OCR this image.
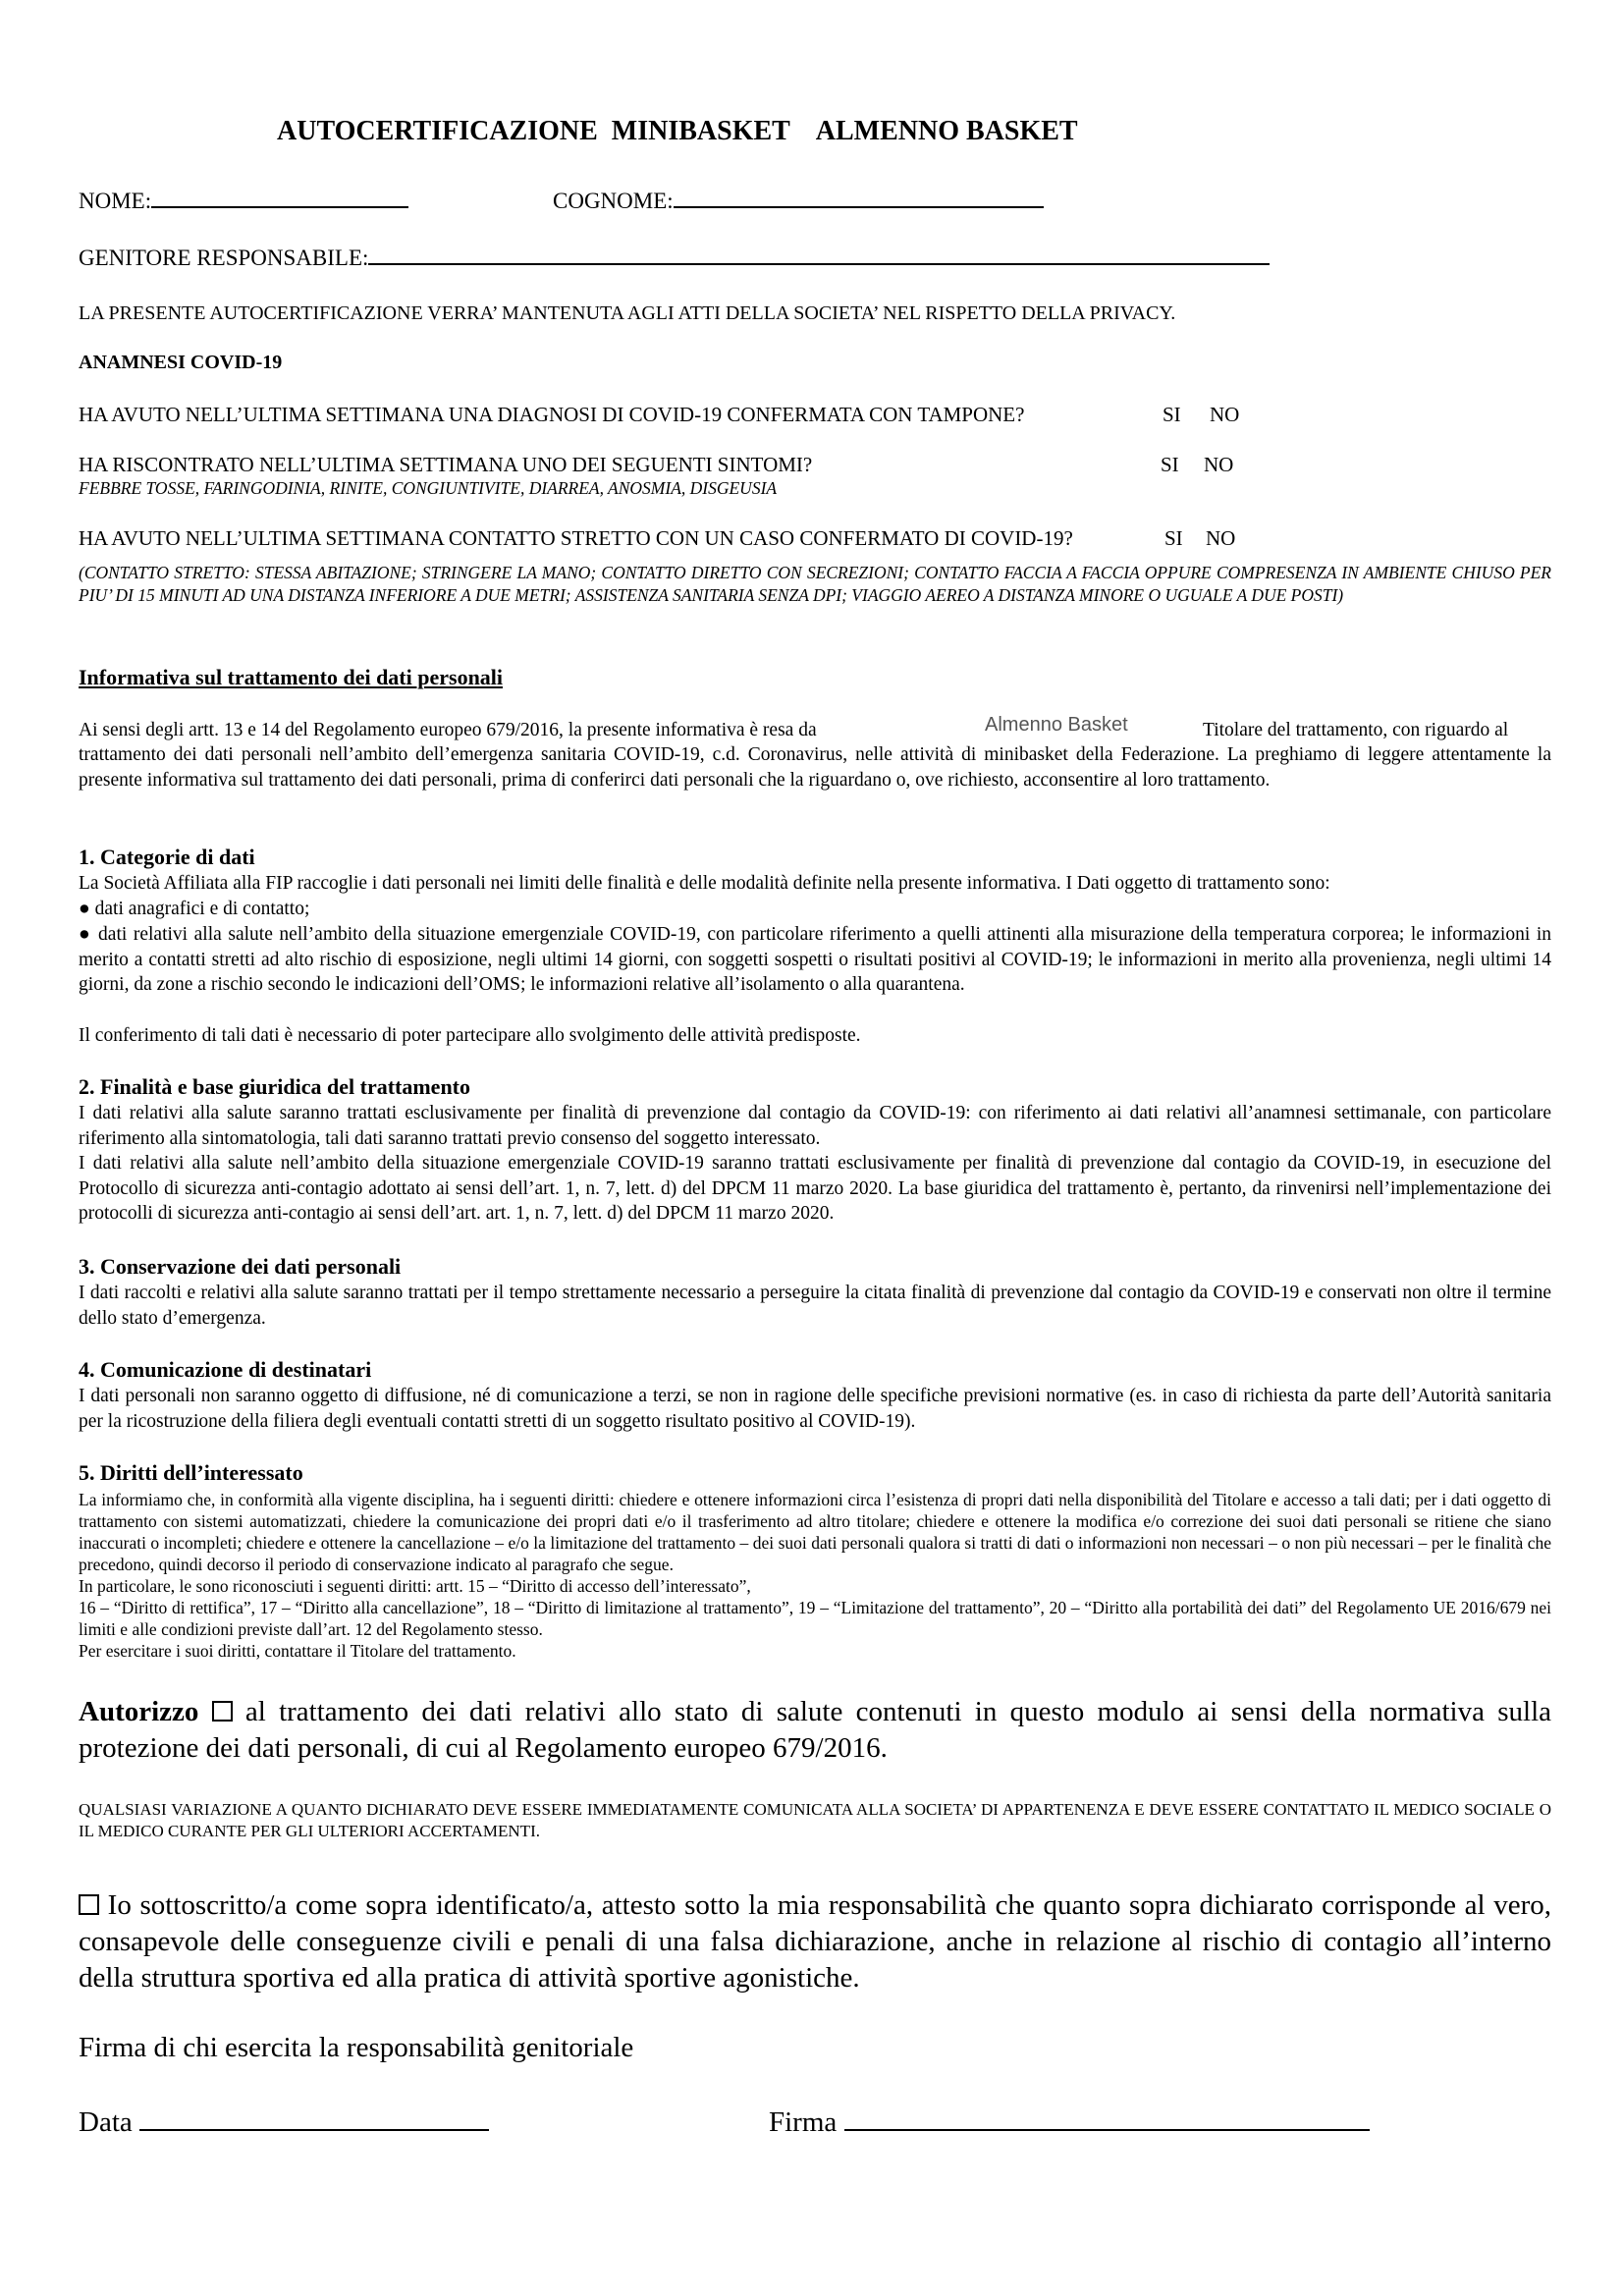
AUTOCERTIFICAZIONE  MINIBASKET    ALMENNO BASKET
NOME:	COGNOME:
GENITORE RESPONSABILE:
LA PRESENTE AUTOCERTIFICAZIONE VERRA’ MANTENUTA AGLI ATTI DELLA SOCIETA’ NEL RISPETTO DELLA PRIVACY.
ANAMNESI COVID-19
HA AVUTO NELL’ULTIMA SETTIMANA UNA DIAGNOSI DI COVID-19 CONFERMATA CON TAMPONE?	SI NO
HA RISCONTRATO NELL’ULTIMA SETTIMANA UNO DEI SEGUENTI SINTOMI?	SI NO
FEBBRE TOSSE, FARINGODINIA, RINITE, CONGIUNTIVITE, DIARREA, ANOSMIA, DISGEUSIA
HA AVUTO NELL’ULTIMA SETTIMANA CONTATTO STRETTO CON UN CASO CONFERMATO DI COVID-19?	SI NO
(CONTATTO STRETTO: STESSA ABITAZIONE; STRINGERE LA MANO; CONTATTO DIRETTO CON SECREZIONI; CONTATTO FACCIA A FACCIA OPPURE COMPRESENZA IN AMBIENTE CHIUSO PER PIU’ DI 15 MINUTI AD UNA DISTANZA INFERIORE A DUE METRI; ASSISTENZA SANITARIA SENZA DPI; VIAGGIO AEREO A DISTANZA MINORE O UGUALE A DUE POSTI)
Informativa sul trattamento dei dati personali
Ai sensi degli artt. 13 e 14 del Regolamento europeo 679/2016, la presente informativa è resa da	Almenno Basket	Titolare del trattamento, con riguardo al
trattamento dei dati personali nell’ambito dell’emergenza sanitaria COVID-19, c.d. Coronavirus, nelle attività di minibasket della Federazione. La preghiamo di leggere attentamente la presente informativa sul trattamento dei dati personali, prima di conferirci dati personali che la riguardano o, ove richiesto, acconsentire al loro trattamento.
1. Categorie di dati
La Società Affiliata alla FIP raccoglie i dati personali nei limiti delle finalità e delle modalità definite nella presente informativa. I Dati oggetto di trattamento sono:
● dati anagrafici e di contatto;
● dati relativi alla salute nell’ambito della situazione emergenziale COVID-19, con particolare riferimento a quelli attinenti alla misurazione della temperatura corporea; le informazioni in merito a contatti stretti ad alto rischio di esposizione, negli ultimi 14 giorni, con soggetti sospetti o risultati positivi al COVID-19; le informazioni in merito alla provenienza, negli ultimi 14 giorni, da zone a rischio secondo le indicazioni dell’OMS; le informazioni relative all’isolamento o alla quarantena.
Il conferimento di tali dati è necessario di poter partecipare allo svolgimento delle attività predisposte.
2. Finalità e base giuridica del trattamento
I dati relativi alla salute saranno trattati esclusivamente per finalità di prevenzione dal contagio da COVID-19: con riferimento ai dati relativi all’anamnesi settimanale, con particolare riferimento alla sintomatologia, tali dati saranno trattati previo consenso del soggetto interessato.
I dati relativi alla salute nell’ambito della situazione emergenziale COVID-19 saranno trattati esclusivamente per finalità di prevenzione dal contagio da COVID-19, in esecuzione del Protocollo di sicurezza anti-contagio adottato ai sensi dell’art. 1, n. 7, lett. d) del DPCM 11 marzo 2020. La base giuridica del trattamento è, pertanto, da rinvenirsi nell’implementazione dei protocolli di sicurezza anti-contagio ai sensi dell’art. art. 1, n. 7, lett. d) del DPCM 11 marzo 2020.
3. Conservazione dei dati personali
I dati raccolti e relativi alla salute saranno trattati per il tempo strettamente necessario a perseguire la citata finalità di prevenzione dal contagio da COVID-19 e conservati non oltre il termine dello stato d’emergenza.
4. Comunicazione di destinatari
I dati personali non saranno oggetto di diffusione, né di comunicazione a terzi, se non in ragione delle specifiche previsioni normative (es. in caso di richiesta da parte dell’Autorità sanitaria per la ricostruzione della filiera degli eventuali contatti stretti di un soggetto risultato positivo al COVID-19).
5. Diritti dell’interessato
La informiamo che, in conformità alla vigente disciplina, ha i seguenti diritti: chiedere e ottenere informazioni circa l’esistenza di propri dati nella disponibilità del Titolare e accesso a tali dati; per i dati oggetto di trattamento con sistemi automatizzati, chiedere la comunicazione dei propri dati e/o il trasferimento ad altro titolare; chiedere e ottenere la modifica e/o correzione dei suoi dati personali se ritiene che siano inaccurati o incompleti; chiedere e ottenere la cancellazione – e/o la limitazione del trattamento – dei suoi dati personali qualora si tratti di dati o informazioni non necessari – o non più necessari – per le finalità che precedono, quindi decorso il periodo di conservazione indicato al paragrafo che segue.
In particolare, le sono riconosciuti i seguenti diritti: artt. 15 – “Diritto di accesso dell’interessato”,
16 – “Diritto di rettifica”, 17 – “Diritto alla cancellazione”, 18 – “Diritto di limitazione al trattamento”, 19 – “Limitazione del trattamento”, 20 – “Diritto alla portabilità dei dati” del Regolamento UE 2016/679 nei limiti e alle condizioni previste dall’art. 12 del Regolamento stesso.
Per esercitare i suoi diritti, contattare il Titolare del trattamento.
Autorizzo al trattamento dei dati relativi allo stato di salute contenuti in questo modulo ai sensi della normativa sulla protezione dei dati personali, di cui al Regolamento europeo 679/2016.
QUALSIASI VARIAZIONE A QUANTO DICHIARATO DEVE ESSERE IMMEDIATAMENTE COMUNICATA ALLA SOCIETA’ DI APPARTENENZA E DEVE ESSERE CONTATTATO IL MEDICO SOCIALE O IL MEDICO CURANTE PER GLI ULTERIORI ACCERTAMENTI.
Io sottoscritto/a come sopra identificato/a, attesto sotto la mia responsabilità che quanto sopra dichiarato corrisponde al vero, consapevole delle conseguenze civili e penali di una falsa dichiarazione, anche in relazione al rischio di contagio all’interno della struttura sportiva ed alla pratica di attività sportive agonistiche.
Firma di chi esercita la responsabilità genitoriale
Data	Firma
